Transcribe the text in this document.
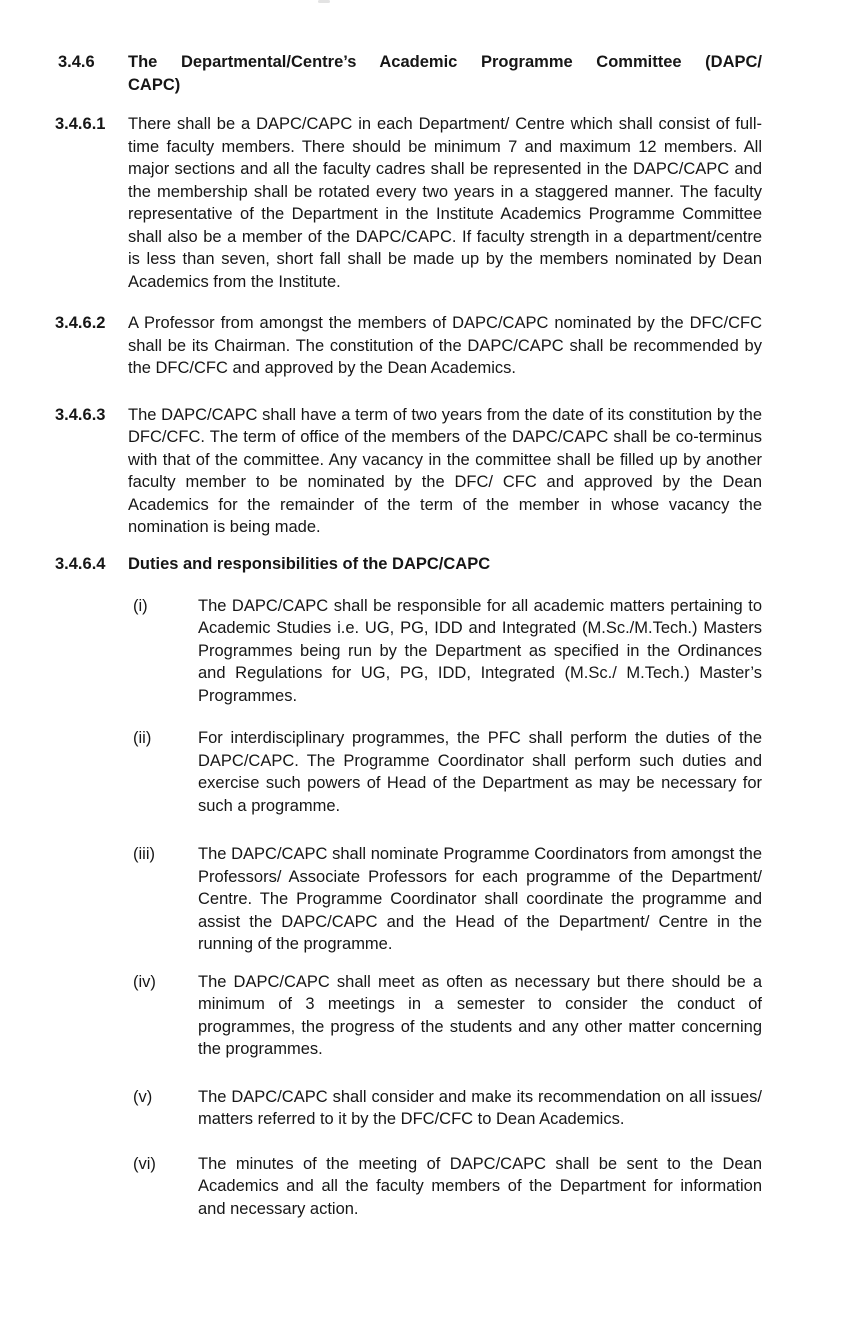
3.4.6	The Departmental/Centre’s Academic Programme Committee (DAPC/
CAPC)
3.4.6.1	There shall be a DAPC/CAPC in each Department/ Centre which shall consist of full-time faculty members. There should be minimum 7 and maximum 12 members. All major sections and all the faculty cadres shall be represented in the DAPC/CAPC and the membership shall be rotated every two years in a staggered manner. The faculty representative of the Department in the Institute Academics Programme Committee shall also be a member of the DAPC/CAPC. If faculty strength in a department/centre is less than seven, short fall shall be made up by the members nominated by Dean Academics from the Institute.
3.4.6.2	A Professor from amongst the members of DAPC/CAPC nominated by the DFC/CFC shall be its Chairman. The constitution of the DAPC/CAPC shall be recommended by the DFC/CFC and approved by the Dean Academics.
3.4.6.3	The DAPC/CAPC shall have a term of two years from the date of its constitution by the DFC/CFC. The term of office of the members of the DAPC/CAPC shall be co-terminus with that of the committee. Any vacancy in the committee shall be filled up by another faculty member to be nominated by the DFC/ CFC and approved by the Dean Academics for the remainder of the term of the member in whose vacancy the nomination is being made.
3.4.6.4	Duties and responsibilities of the DAPC/CAPC
(i)	The DAPC/CAPC shall be responsible for all academic matters pertaining to Academic Studies i.e. UG, PG, IDD and Integrated (M.Sc./M.Tech.) Masters Programmes being run by the Department as specified in the Ordinances and Regulations for UG, PG, IDD, Integrated (M.Sc./ M.Tech.) Master’s Programmes.
(ii)	For interdisciplinary programmes, the PFC shall perform the duties of the DAPC/CAPC. The Programme Coordinator shall perform such duties and exercise such powers of Head of the Department as may be necessary for such a programme.
(iii)	The DAPC/CAPC shall nominate Programme Coordinators from amongst the Professors/ Associate Professors for each programme of the Department/ Centre. The Programme Coordinator shall coordinate the programme and assist the DAPC/CAPC and the Head of the Department/ Centre in the running of the programme.
(iv)	The DAPC/CAPC shall meet as often as necessary but there should be a minimum of 3 meetings in a semester to consider the conduct of programmes, the progress of the students and any other matter concerning the programmes.
(v)	The DAPC/CAPC shall consider and make its recommendation on all issues/ matters referred to it by the DFC/CFC to Dean Academics.
(vi)	The minutes of the meeting of DAPC/CAPC shall be sent to the Dean Academics and all the faculty members of the Department for information and necessary action.
